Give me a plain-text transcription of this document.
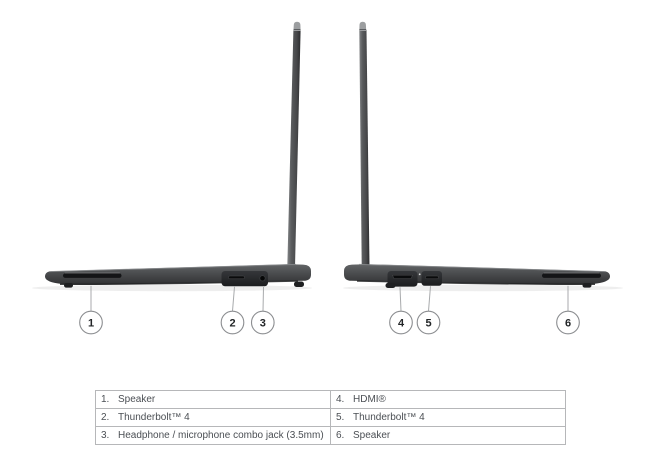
1	2 3	4 5	6
1. Speaker	4. HDMI®

2. Thunderbolt™ 4	5. Thunderbolt™ 4

3. Headphone / microphone combo jack (3.5mm)	6. Speaker
